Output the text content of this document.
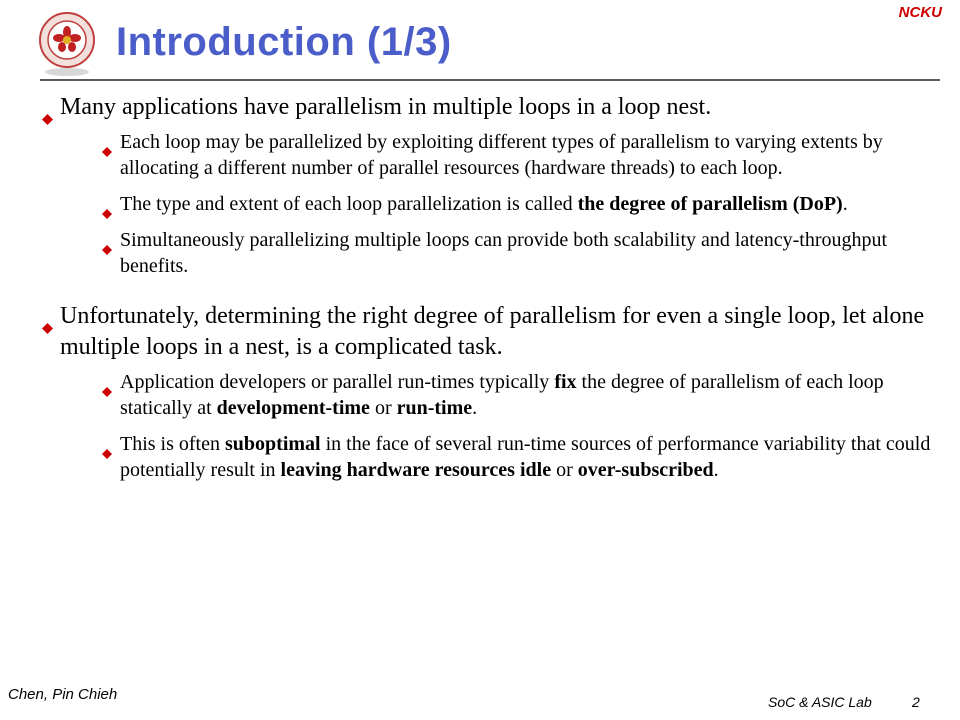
NCKU
Introduction (1/3)

Many applications have parallelism in multiple loops in a loop nest.

Each loop may be parallelized by exploiting different types of parallelism to varying extents by allocating a different number of parallel resources (hardware threads) to each loop.

The type and extent of each loop parallelization is called the degree of parallelism (DoP).

Simultaneously parallelizing multiple loops can provide both scalability and latency-throughput benefits.

Unfortunately, determining the right degree of parallelism for even a single loop, let alone multiple loops in a nest, is a complicated task.

Application developers or parallel run-times typically fix the degree of parallelism of each loop statically at development-time or run-time.

This is often suboptimal in the face of several run-time sources of performance variability that could potentially result in leaving hardware resources idle or over-subscribed.

Chen, Pin Chieh	SoC & ASIC Lab	2
